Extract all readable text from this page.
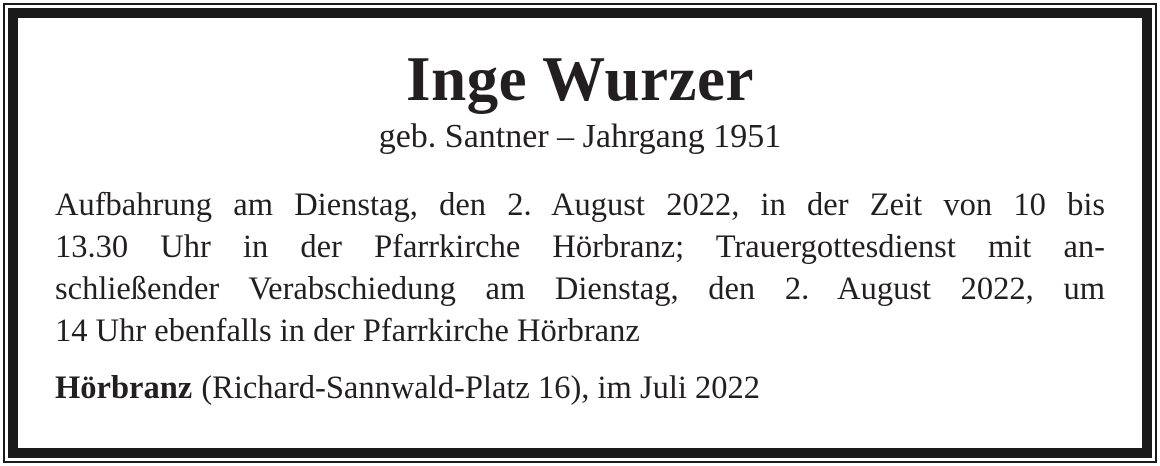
Inge Wurzer
geb. Santner – Jahrgang 1951
Aufbahrung am Dienstag, den 2. August 2022, in der Zeit von 10 bis
13.30 Uhr in der Pfarrkirche Hörbranz; Trauergottesdienst mit an-
schließender Verabschiedung am Dienstag, den 2. August 2022, um
14 Uhr ebenfalls in der Pfarrkirche Hörbranz
Hörbranz (Richard-Sannwald-Platz 16), im Juli 2022
